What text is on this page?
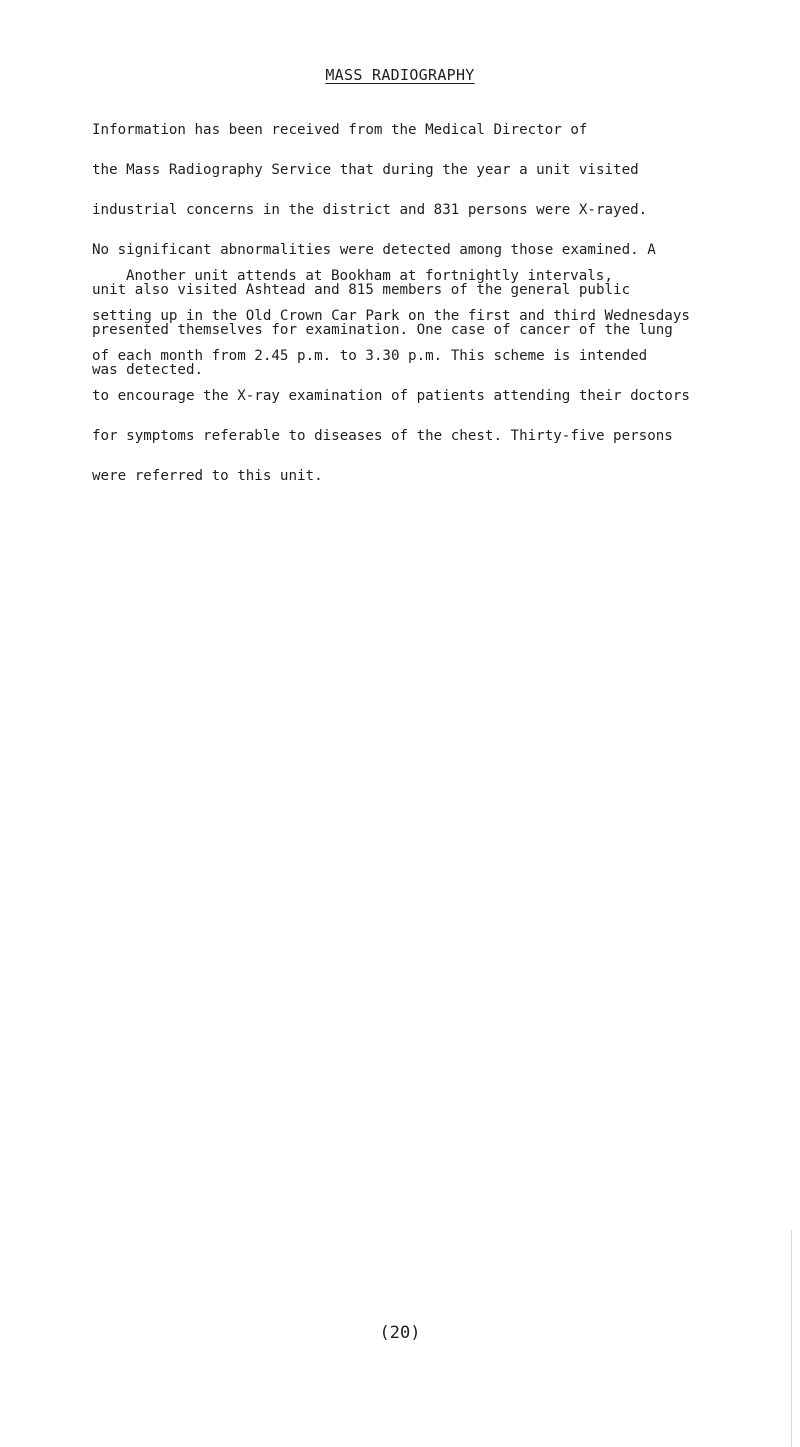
MASS RADIOGRAPHY

Information has been received from the Medical Director of

the Mass Radiography Service that during the year a unit visited

industrial concerns in the district and 831 persons were X-rayed.

No significant abnormalities were detected among those examined. A

unit also visited Ashtead and 815 members of the general public

presented themselves for examination. One case of cancer of the lung

was detected.

Another unit attends at Bookham at fortnightly intervals,

setting up in the Old Crown Car Park on the first and third Wednesdays

of each month from 2.45 p.m. to 3.30 p.m. This scheme is intended

to encourage the X-ray examination of patients attending their doctors

for symptoms referable to diseases of the chest. Thirty-five persons

were referred to this unit.

(20)
